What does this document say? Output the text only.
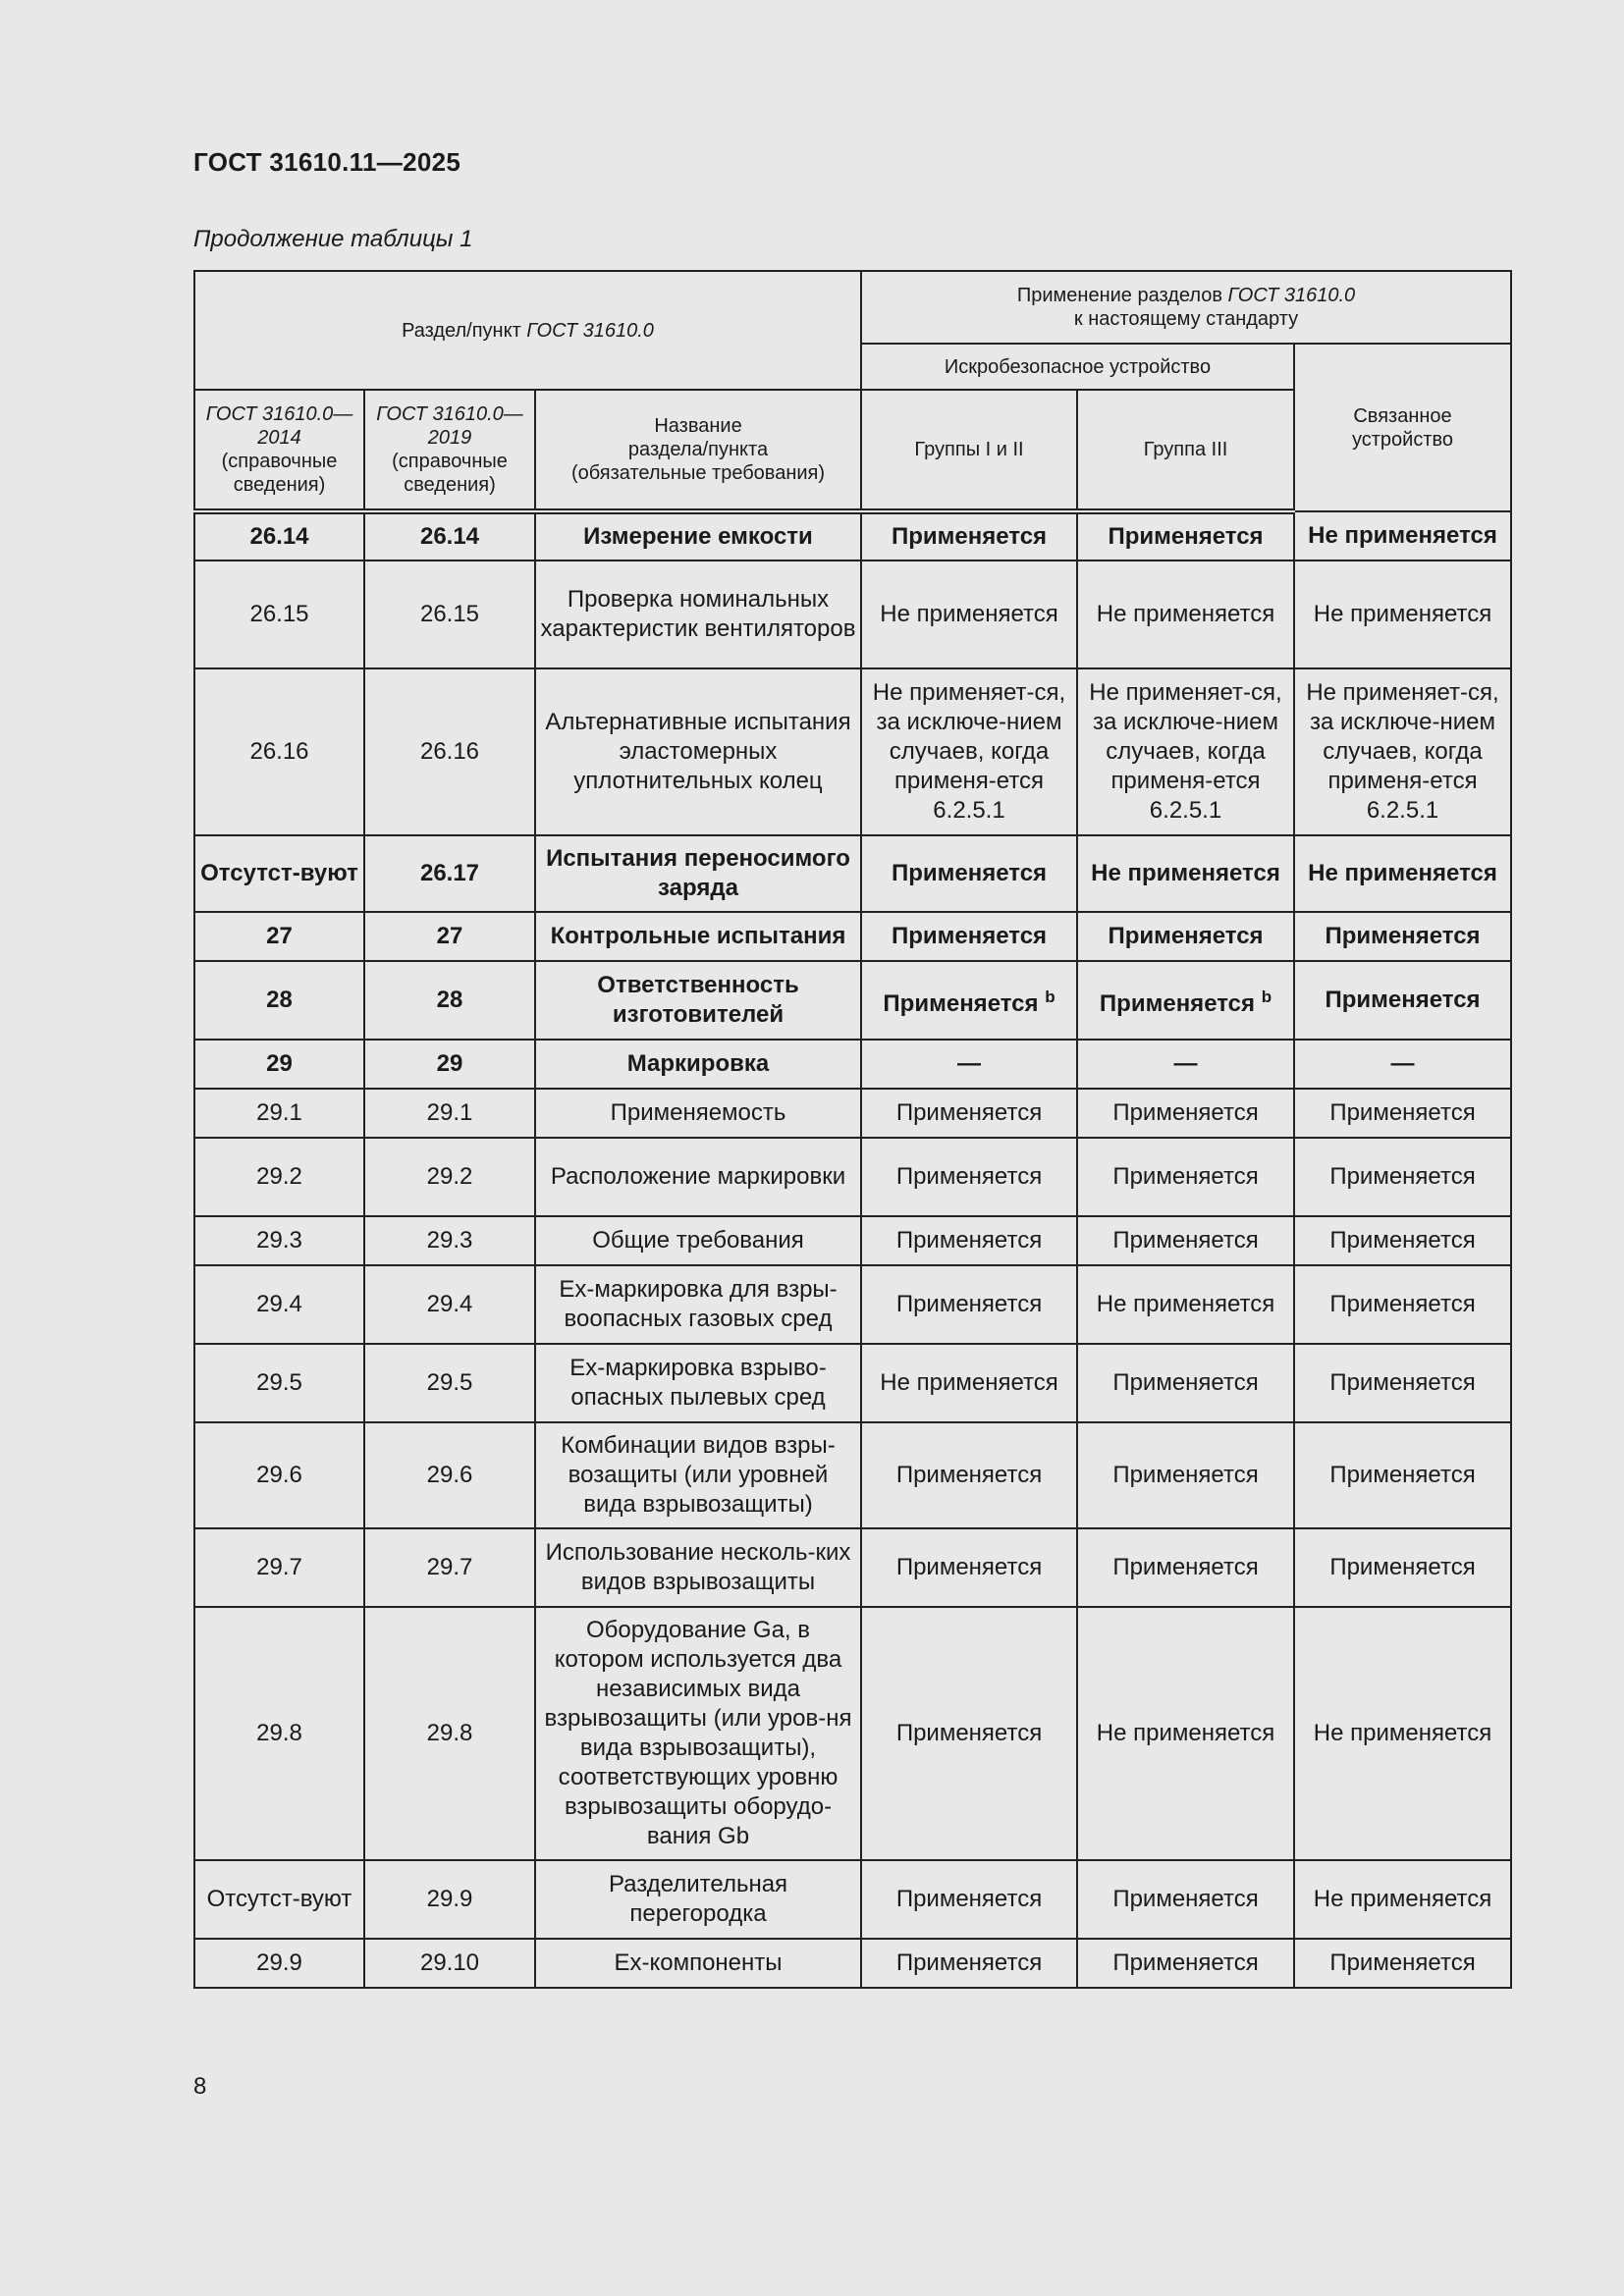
ГОСТ 31610.11—2025
Продолжение таблицы 1
Раздел/пункт ГОСТ 31610.0			Применение разделов ГОСТ 31610.0
к настоящему стандарту		
			Искробезопасное устройство		Связанное
устройство
ГОСТ 31610.0—2014
(справочные сведения)	ГОСТ 31610.0—2019
(справочные сведения)	Название
раздела/пункта
(обязательные требования)	Группы I и II	Группа III	
26.14	26.14	Измерение емкости	Применяется	Применяется	Не применяется
26.15	26.15	Проверка номинальных характеристик вентиляторов	Не применяется	Не применяется	Не применяется
26.16	26.16	Альтернативные испытания эластомерных уплотнительных колец	Не применяет-ся, за исключе-нием случаев, когда применя-ется 6.2.5.1	Не применяет-ся, за исключе-нием случаев, когда применя-ется 6.2.5.1	Не применяет-ся, за исключе-нием случаев, когда применя-ется 6.2.5.1
Отсутст-вуют	26.17	Испытания переносимого заряда	Применяется	Не применяется	Не применяется
27	27	Контрольные испытания	Применяется	Применяется	Применяется
28	28	Ответственность изготовителей	Применяется $^b$	Применяется $^b$	Применяется
29	29	Маркировка	—	—	—
29.1	29.1	Применяемость	Применяется	Применяется	Применяется
29.2	29.2	Расположение маркировки	Применяется	Применяется	Применяется
29.3	29.3	Общие требования	Применяется	Применяется	Применяется
29.4	29.4	Ex-маркировка для взры-воопасных газовых сред	Применяется	Не применяется	Применяется
29.5	29.5	Ex-маркировка взрыво-опасных пылевых сред	Не применяется	Применяется	Применяется
29.6	29.6	Комбинации видов взры-возащиты (или уровней вида взрывозащиты)	Применяется	Применяется	Применяется
29.7	29.7	Использование несколь-ких видов взрывозащиты	Применяется	Применяется	Применяется
29.8	29.8	Оборудование Ga, в котором используется два независимых вида взрывозащиты (или уров-ня вида взрывозащиты), соответствующих уровню взрывозащиты оборудо-вания Gb	Применяется	Не применяется	Не применяется
Отсутст-вуют	29.9	Разделительная перегородка	Применяется	Применяется	Не применяется
29.9	29.10	Ex-компоненты	Применяется	Применяется	Применяется
8
